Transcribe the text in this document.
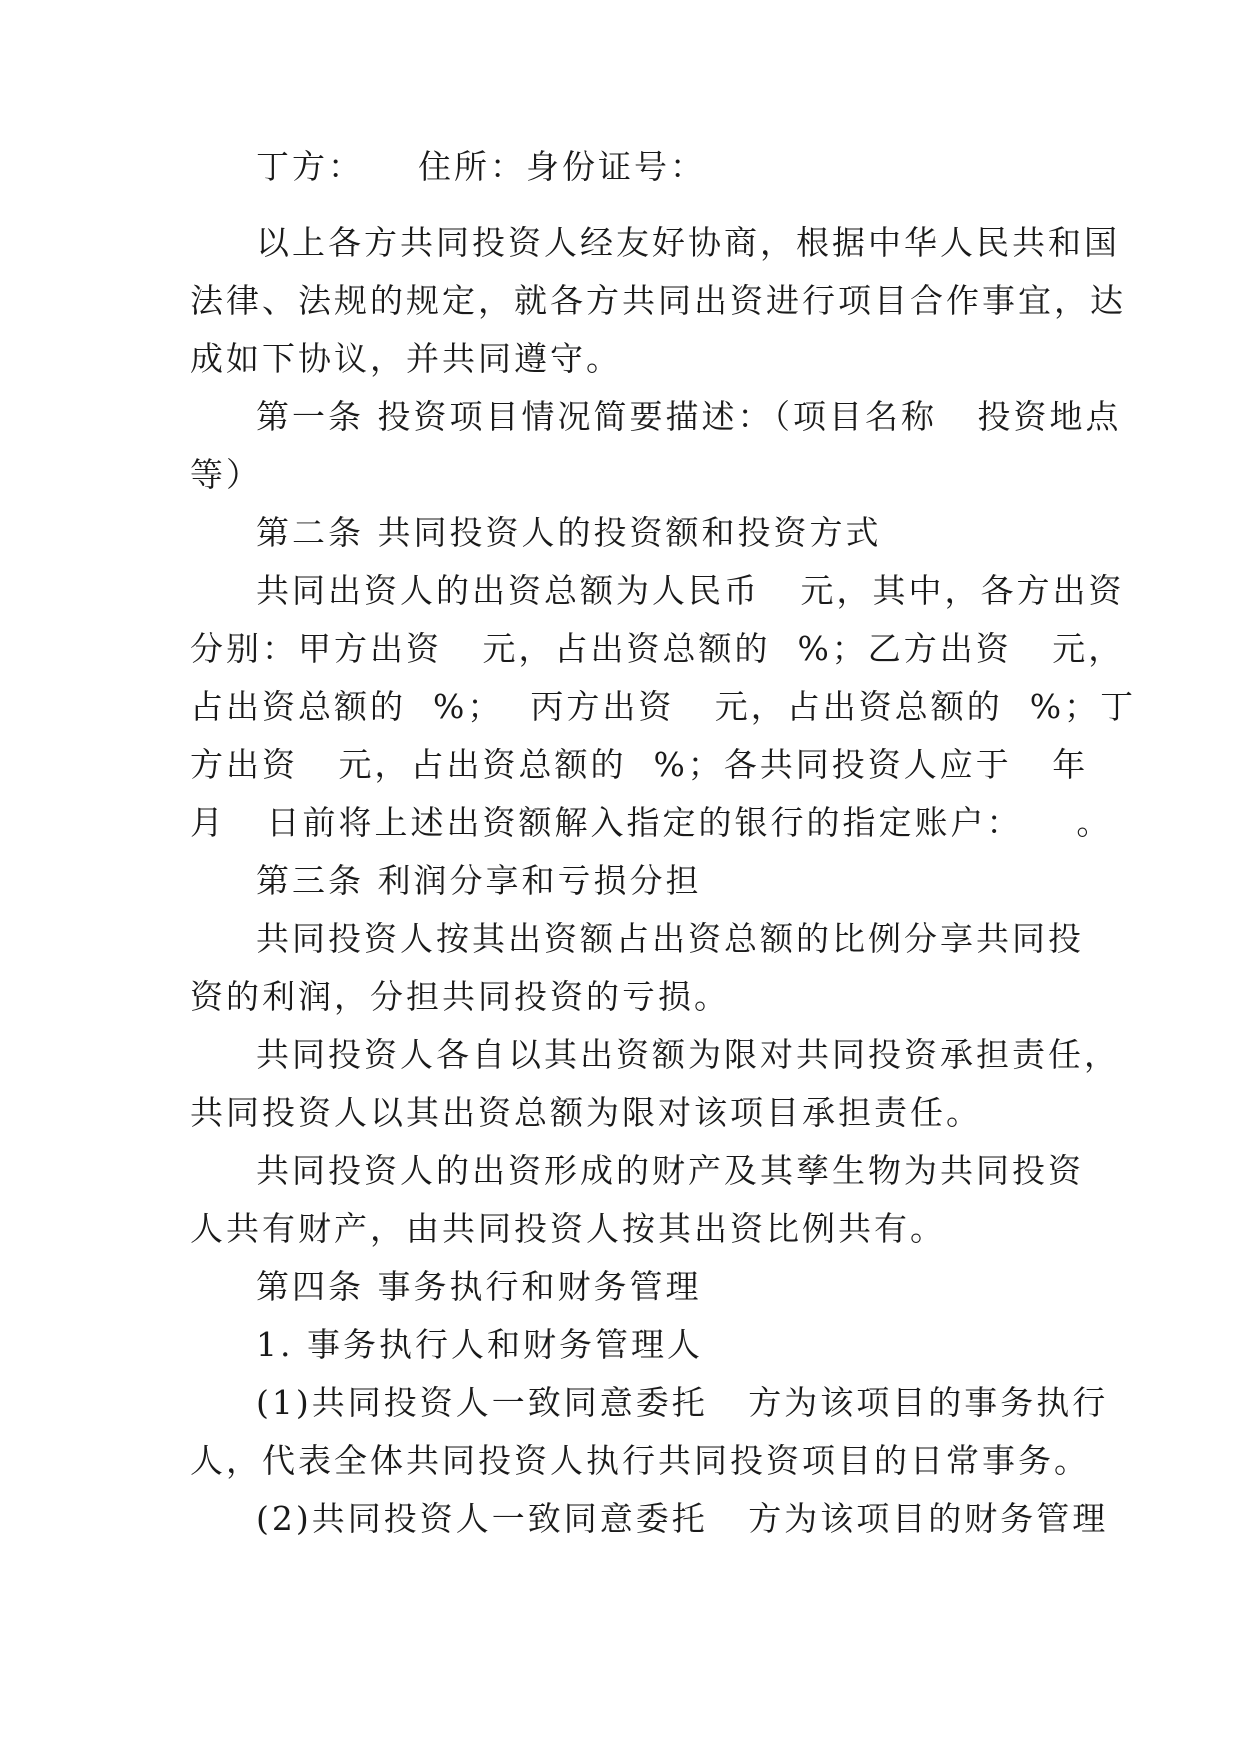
丁方：    住所：身份证号：
以上各方共同投资人经友好协商，根据中华人民共和国
法律、法规的规定，就各方共同出资进行项目合作事宜，达
成如下协议，并共同遵守。
第一条 投资项目情况简要描述：（项目名称   投资地点
等）
第二条 共同投资人的投资额和投资方式
共同出资人的出资总额为人民币   元，其中，各方出资
分别：甲方出资   元，占出资总额的  %；乙方出资   元，
占出资总额的  %；  丙方出资   元，占出资总额的  %；丁
方出资   元，占出资总额的  %；各共同投资人应于   年
月   日前将上述出资额解入指定的银行的指定账户：    。
第三条 利润分享和亏损分担
共同投资人按其出资额占出资总额的比例分享共同投
资的利润，分担共同投资的亏损。
共同投资人各自以其出资额为限对共同投资承担责任，
共同投资人以其出资总额为限对该项目承担责任。
共同投资人的出资形成的财产及其孳生物为共同投资
人共有财产，由共同投资人按其出资比例共有。
第四条 事务执行和财务管理
1. 事务执行人和财务管理人
(1)共同投资人一致同意委托   方为该项目的事务执行
人，代表全体共同投资人执行共同投资项目的日常事务。
(2)共同投资人一致同意委托   方为该项目的财务管理
